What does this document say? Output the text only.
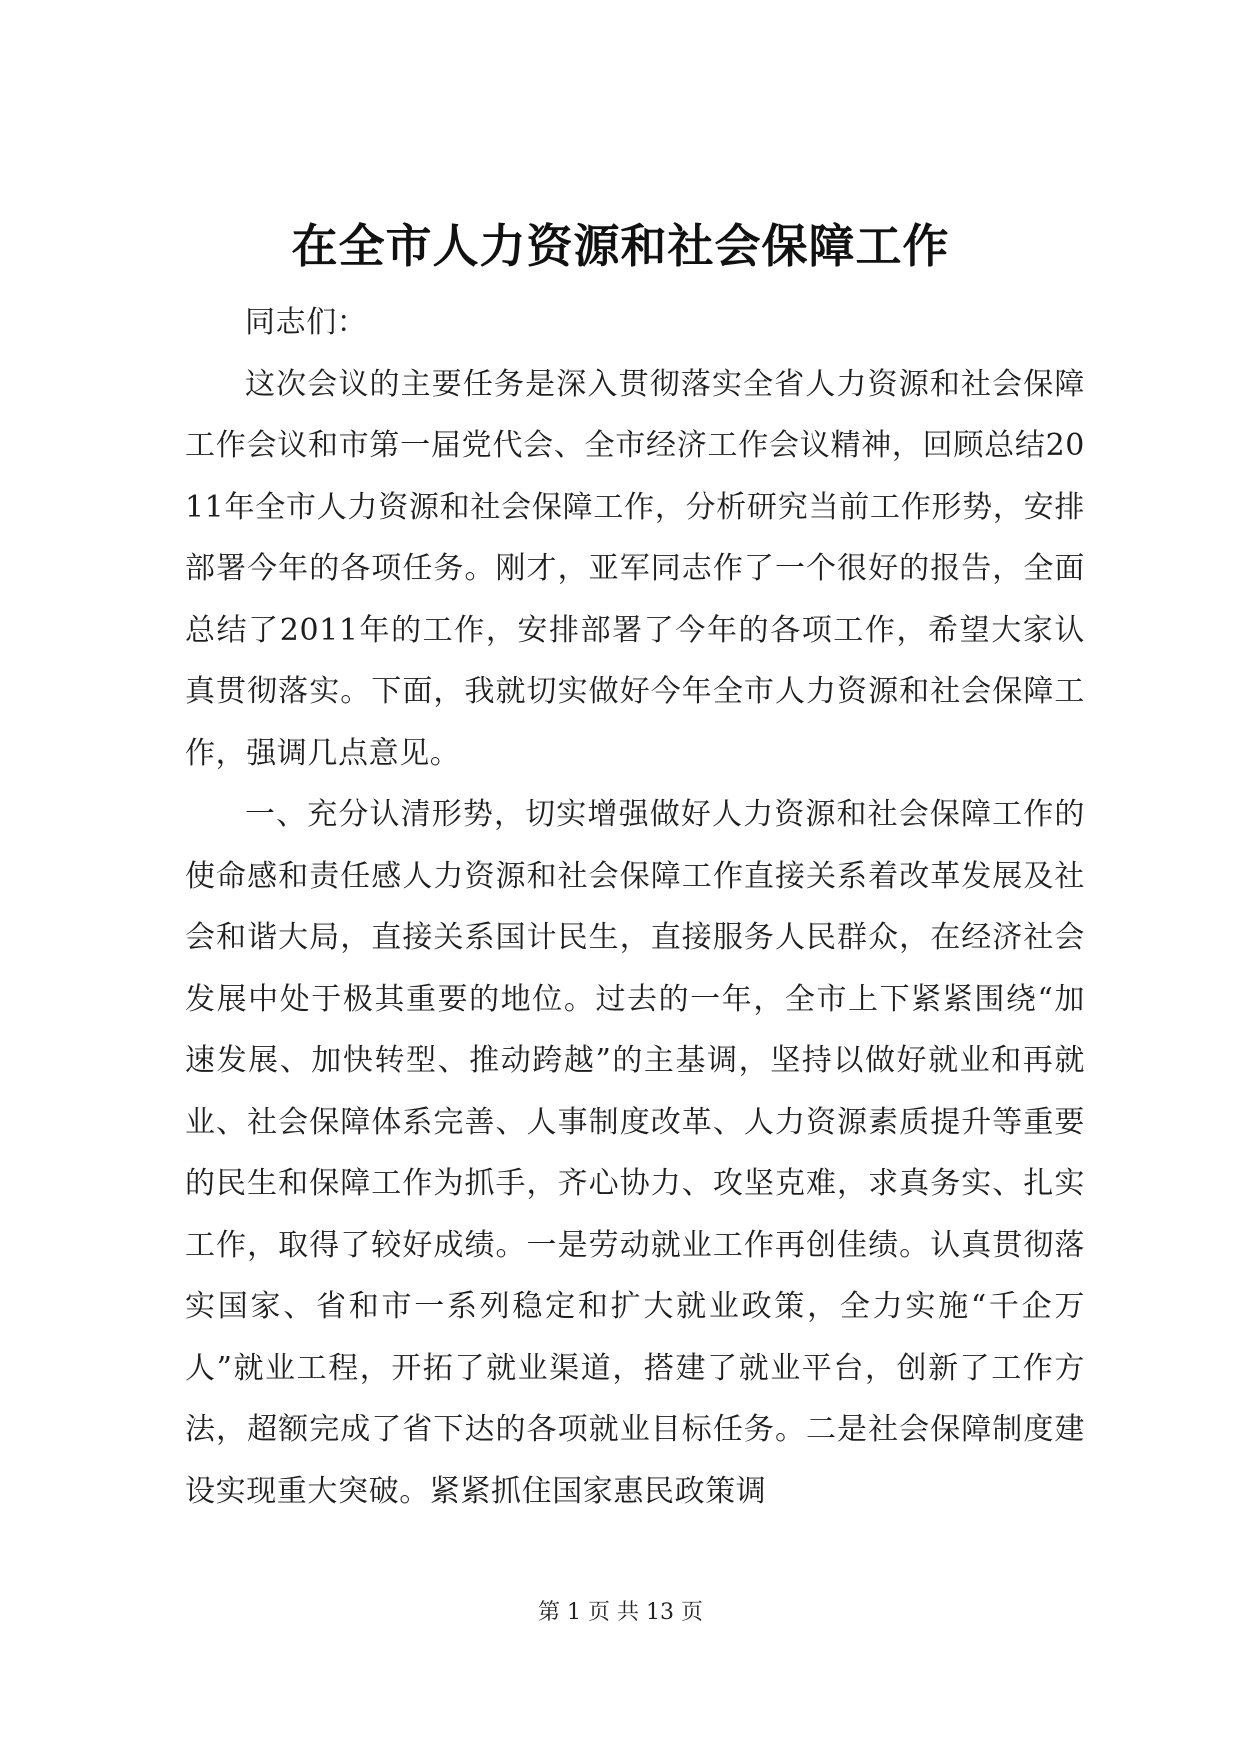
在全市人力资源和社会保障工作

同志们：

这次会议的主要任务是深入贯彻落实全省人力资源和社会保障工作会议和市第一届党代会、全市经济工作会议精神，回顾总结2011年全市人力资源和社会保障工作，分析研究当前工作形势，安排部署今年的各项任务。刚才，亚军同志作了一个很好的报告，全面总结了2011年的工作，安排部署了今年的各项工作，希望大家认真贯彻落实。下面，我就切实做好今年全市人力资源和社会保障工作，强调几点意见。

一、充分认清形势，切实增强做好人力资源和社会保障工作的使命感和责任感人力资源和社会保障工作直接关系着改革发展及社会和谐大局，直接关系国计民生，直接服务人民群众，在经济社会发展中处于极其重要的地位。过去的一年，全市上下紧紧围绕“加速发展、加快转型、推动跨越”的主基调，坚持以做好就业和再就业、社会保障体系完善、人事制度改革、人力资源素质提升等重要的民生和保障工作为抓手，齐心协力、攻坚克难，求真务实、扎实工作，取得了较好成绩。一是劳动就业工作再创佳绩。认真贯彻落实国家、省和市一系列稳定和扩大就业政策，全力实施“千企万人”就业工程，开拓了就业渠道，搭建了就业平台，创新了工作方法，超额完成了省下达的各项就业目标任务。二是社会保障制度建设实现重大突破。紧紧抓住国家惠民政策调

第 1 页 共 13 页
